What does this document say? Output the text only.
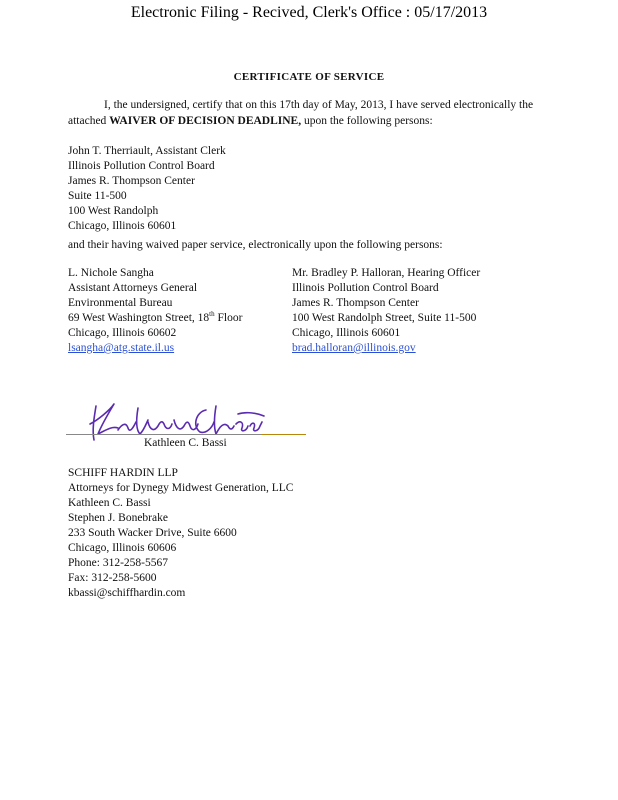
Electronic Filing - Recived, Clerk's Office : 05/17/2013
CERTIFICATE OF SERVICE
I, the undersigned, certify that on this 17th day of May, 2013, I have served electronically the attached WAIVER OF DECISION DEADLINE, upon the following persons:
John T. Therriault, Assistant Clerk
Illinois Pollution Control Board
James R. Thompson Center
Suite 11-500
100 West Randolph
Chicago, Illinois 60601
and their having waived paper service, electronically upon the following persons:
L. Nichole Sangha
Assistant Attorneys General
Environmental Bureau
69 West Washington Street, 18th Floor
Chicago, Illinois 60602
lsangha@atg.state.il.us
Mr. Bradley P. Halloran, Hearing Officer
Illinois Pollution Control Board
James R. Thompson Center
100 West Randolph Street, Suite 11-500
Chicago, Illinois 60601
brad.halloran@illinois.gov
Kathleen C. Bassi
SCHIFF HARDIN LLP
Attorneys for Dynegy Midwest Generation, LLC
Kathleen C. Bassi
Stephen J. Bonebrake
233 South Wacker Drive, Suite 6600
Chicago, Illinois 60606
Phone: 312-258-5567
Fax: 312-258-5600
kbassi@schiffhardin.com
